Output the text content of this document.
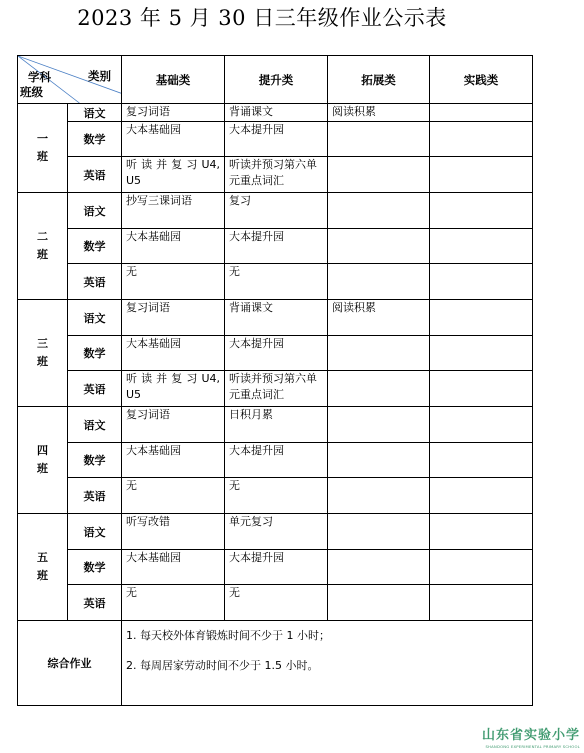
2023 年 5 月 30 日三年级作业公示表
学科 类别
班级		基础类	提升类	拓展类	实践类
一
班	语文	复习词语	背诵课文	阅读积累	
	数学	大本基础园	大本提升园		
	英语	听 读 并 复 习 U4, U5	听读并预习第六单元重点词汇		
二
班	语文	抄写三课词语	复习		
	数学	大本基础园	大本提升园		
	英语	无	无		
三
班	语文	复习词语	背诵课文	阅读积累	
	数学	大本基础园	大本提升园		
	英语	听 读 并 复 习 U4, U5	听读并预习第六单元重点词汇		
四
班	语文	复习词语	日积月累		
	数学	大本基础园	大本提升园		
	英语	无	无		
五
班	语文	听写改错	单元复习		
	数学	大本基础园	大本提升园		
	英语	无	无		
综合作业		1. 每天校外体育锻炼时间不少于 1 小时；
2. 每周居家劳动时间不少于 1.5 小时。			
山东省实验小学
SHANDONG EXPERIMENTAL PRIMARY SCHOOL
